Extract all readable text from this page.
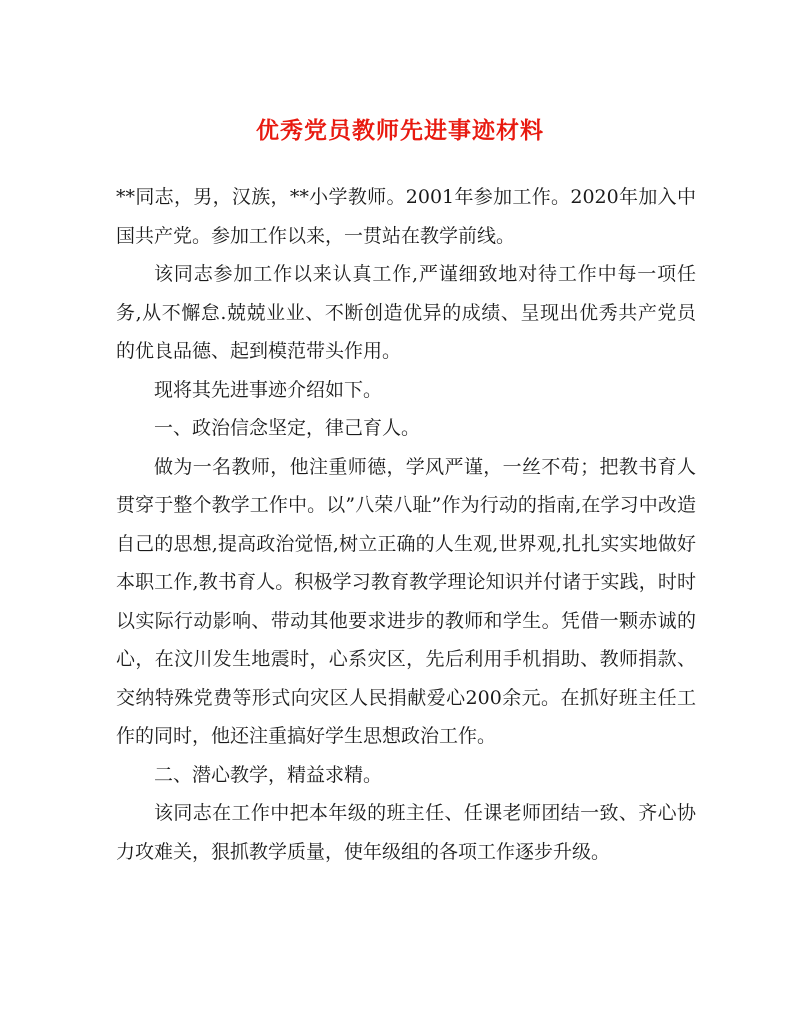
优秀党员教师先进事迹材料

**同志，男，汉族，**小学教师。2001年参加工作。2020年加入中国共产党。参加工作以来，一贯站在教学前线。

该同志参加工作以来认真工作,严谨细致地对待工作中每一项任务,从不懈怠.兢兢业业、不断创造优异的成绩、呈现出优秀共产党员的优良品德、起到模范带头作用。

现将其先进事迹介绍如下。

一、政治信念坚定，律己育人。

做为一名教师，他注重师德，学风严谨，一丝不苟；把教书育人贯穿于整个教学工作中。以”八荣八耻”作为行动的指南,在学习中改造自己的思想,提高政治觉悟,树立正确的人生观,世界观,扎扎实实地做好本职工作,教书育人。积极学习教育教学理论知识并付诸于实践，时时以实际行动影响、带动其他要求进步的教师和学生。凭借一颗赤诚的心，在汶川发生地震时，心系灾区，先后利用手机捐助、教师捐款、交纳特殊党费等形式向灾区人民捐献爱心200余元。在抓好班主任工作的同时，他还注重搞好学生思想政治工作。

二、潜心教学，精益求精。

该同志在工作中把本年级的班主任、任课老师团结一致、齐心协力攻难关，狠抓教学质量，使年级组的各项工作逐步升级。
